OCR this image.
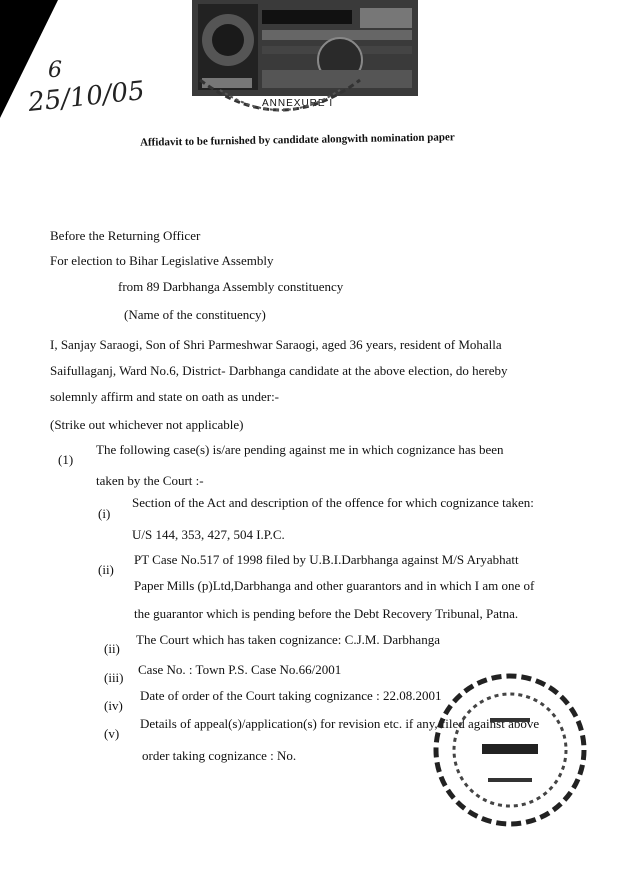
6
25/10/05	ANNEXURE I
Affidavit to be furnished by candidate alongwith nomination paper
Before the Returning Officer
For election to Bihar Legislative Assembly
from 89 Darbhanga Assembly constituency
(Name of the constituency)
I, Sanjay Saraogi, Son of Shri Parmeshwar Saraogi, aged 36 years, resident of Mohalla
Saifullaganj, Ward No.6, District- Darbhanga candidate at the above election, do hereby
solemnly affirm and state on oath as under:-
(Strike out whichever not applicable)
(1)
The following case(s) is/are pending against me in which cognizance has been
taken by the Court :-
(i)
Section of the Act and description of the offence for which cognizance taken:
U/S 144, 353, 427, 504 I.P.C.
(ii)
PT Case No.517 of 1998 filed by U.B.I.Darbhanga against M/S Aryabhatt
Paper Mills (p)Ltd,Darbhanga and other guarantors and in which I am one of
the guarantor which is pending before the Debt Recovery Tribunal, Patna.
(ii)
The Court which has taken cognizance: C.J.M. Darbhanga
(iii)
Case No. : Town P.S. Case No.66/2001
(iv)
Date of order of the Court taking cognizance : 22.08.2001
(v)
Details of appeal(s)/application(s) for revision etc. if any, filed against above
order taking cognizance : No.
